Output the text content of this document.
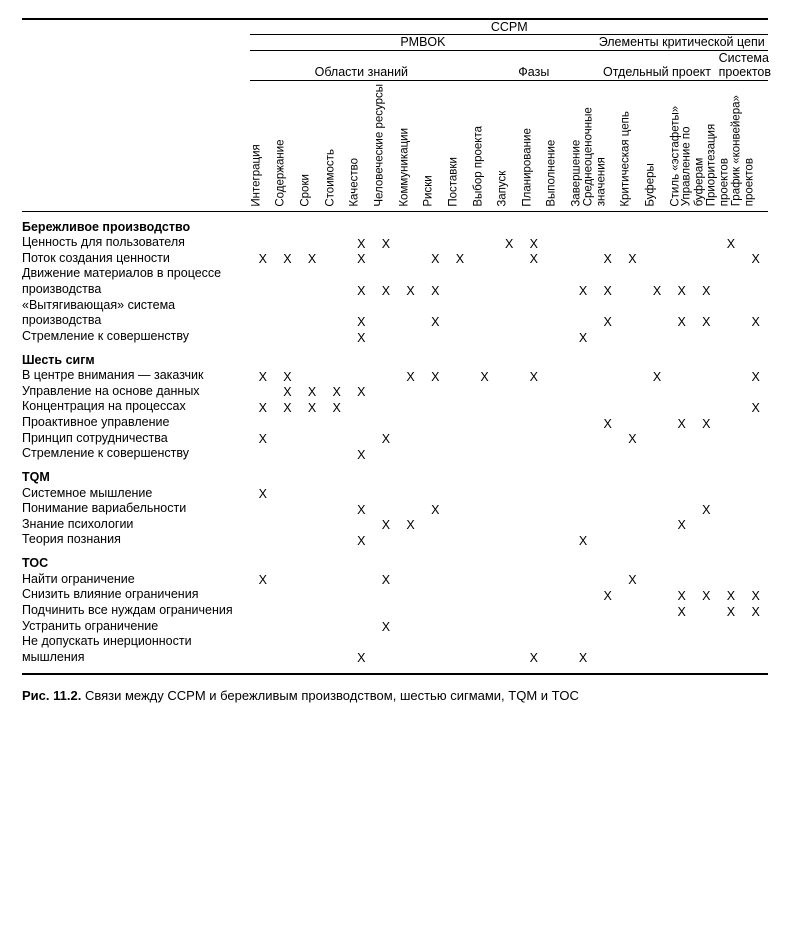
	CCPM																				
	PMBOK														Элементы критической цепи						
	Области знаний									Фазы					Отдельный проект					Система проектов	

	Интеграция	Содержание	Сроки	Стоимость	Качество	Человеческие ресурсы	Коммуникации	Риски	Поставки	Выбор проекта	Запуск	Планирование	Выполнение	Завершение	Среднеоценочные значения	Критическая цепь	Буферы	Стиль «эстафеты»	Управление по буферам	Приоритезация проектов	График «конвейера» проектов

Бережливое производство																					
Ценность для пользователя					X	X					X	X								X	
Поток создания ценности	X	X	X		X			X	X			X			X	X					X
Движение материалов в процессе производства					X	X	X	X						X	X		X	X	X		
«Вытягивающая» система производства					X			X							X			X	X		X
Стремление к совершенству					X									X							
Шесть сигм																					
В центре внимания — заказчик	X	X					X	X		X		X					X				X
Управление на основе данных		X	X	X	X																
Концентрация на процессах	X	X	X	X																	X
Проактивное управление															X			X	X		
Принцип сотрудничества	X					X										X					
Стремление к совершенству					X																
TQM																					
Системное мышление	X																				
Понимание вариабельности					X			X											X		
Знание психологии						X	X											X			
Теория познания					X									X							
TOC																					
Найти ограничение	X					X										X					
Снизить влияние ограничения															X			X	X	X	X
Подчинить все нуждам ограничения																		X		X	X
Устранить ограничение						X															
Не допускать инерционности мышления					X							X		X							

Рис. 11.2. Связи между CCPM и бережливым производством, шестью сигмами, TQM и TOC
